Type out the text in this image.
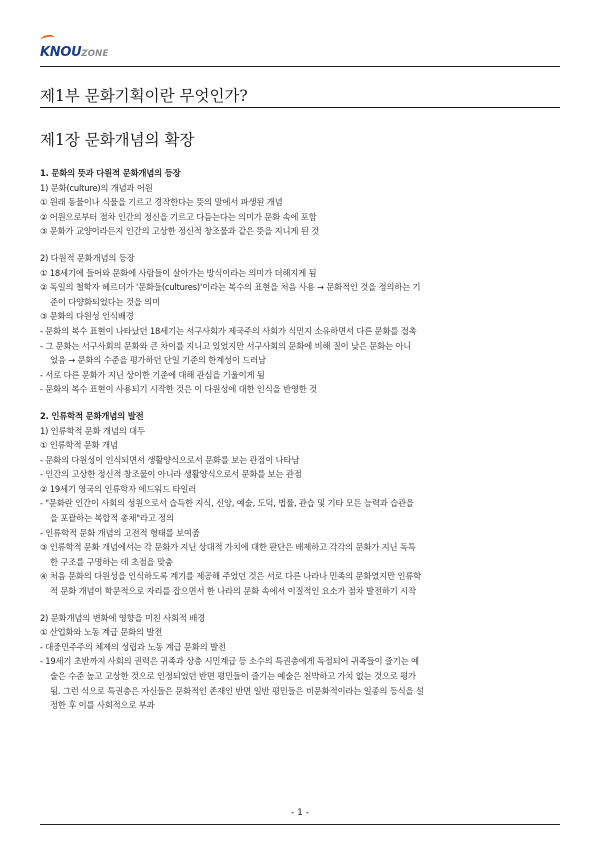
KNOUZONE
제1부 문화기획이란 무엇인가?
제1장 문화개념의 확장
1. 문화의 뜻과 다원적 문화개념의 등장
1) 문화(culture)의 개념과 어원
① 원래 동물이나 식물을 기르고 경작한다는 뜻의 말에서 파생된 개념
② 어원으로부터 점차 인간의 정신을 기르고 다듬는다는 의미가 문화 속에 포함
③ 문화가 교양이라든지 인간의 고상한 정신적 창조물과 같은 뜻을 지니게 된 것
2) 다원적 문화개념의 등장
① 18세기에 들어와 문화에 사람들이 살아가는 방식이라는 의미가 더해지게 됨
② 독일의 철학자 헤르더가 '문화들(cultures)'이라는 복수의 표현을 처음 사용 → 문화적인 것을 정의하는 기
준이 다양화되었다는 것을 의미
③ 문화의 다원성 인식배경
- 문화의 복수 표현이 나타났던 18세기는 서구사회가 제국주의 사회가 식민지 소유하면서 다른 문화를 접촉
- 그 문화는 서구사회의 문화와 큰 차이를 지니고 있었지만 서구사회의 문화에 비해 질이 낮은 문화는 아니
었음 → 문화의 수준을 평가하던 단일 기준의 한계성이 드러남
- 서로 다른 문화가 지닌 상이한 기준에 대해 관심을 기울이게 됨
- 문화의 복수 표현이 사용되기 시작한 것은 이 다원성에 대한 인식을 반영한 것
2. 인류학적 문화개념의 발전
1) 인류학적 문화 개념의 대두
① 인류학적 문화 개념
- 문화의 다원성이 인식되면서 생활양식으로서 문화를 보는 관점이 나타남
- 인간의 고상한 정신적 창조물이 아니라 생활양식으로서 문화를 보는 관점
② 19세기 영국의 인류학자 에드워드 타일러
- "문화란 인간이 사회의 성원으로서 습득한 지식, 신앙, 예술, 도덕, 법률, 관습 및 기타 모든 능력과 습관을
을 포괄하는 복합적 총체"라고 정의
- 인류학적 문화 개념의 고전적 형태를 보여줌
③ 인류학적 문화 개념에서는 각 문화가 지닌 상대적 가치에 대한 판단은 배제하고 각각의 문화가 지닌 독특
한 구조를 구명하는 데 초점을 맞춤
④ 처음 문화의 다원성을 인식하도록 계기를 제공해 주었던 것은 서로 다른 나라나 민족의 문화였지만 인류학
적 문화 개념이 학문적으로 자리를 잡으면서 한 나라의 문화 속에서 이질적인 요소가 점차 발전하기 시작
2) 문화개념의 변화에 영향을 미친 사회적 배경
① 산업화와 노동 계급 문화의 발전
- 대중민주주의 체제의 성립과 노동 계급 문화의 발전
- 19세기 초반까지 사회의 권력은 귀족과 상층 시민계급 등 소수의 특권층에게 독점되어 귀족들이 즐기는 예
술은 수준 높고 고상한 것으로 인정되었던 반면 평민들이 즐기는 예술은 천박하고 가치 없는 것으로 평가
됨. 그런 식으로 특권층은 자신들은 문화적인 존재인 반면 일반 평민들은 비문화적이라는 일종의 등식을 설
정한 후 이를 사회적으로 부과
- 1 -
